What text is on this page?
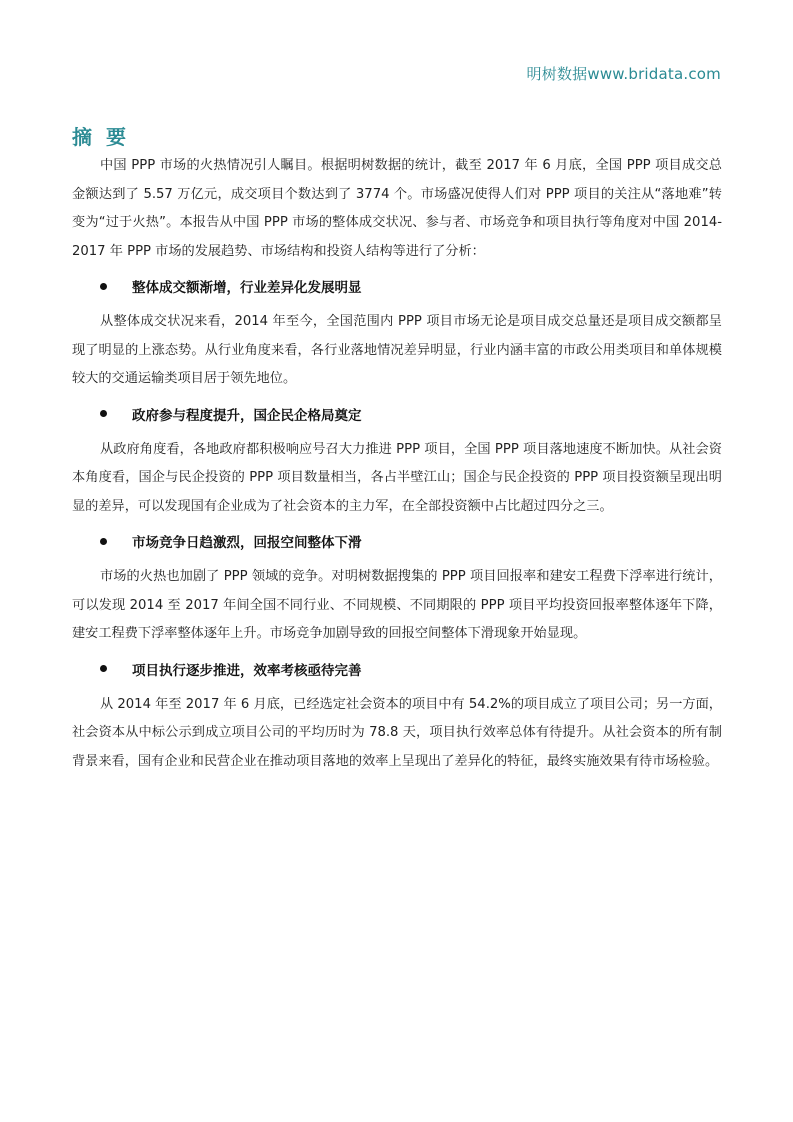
明树数据www.bridata.com
摘要

中国 PPP 市场的火热情况引人瞩目。根据明树数据的统计，截至 2017 年 6 月底，全国 PPP 项目成交总金额达到了 5.57 万亿元，成交项目个数达到了 3774 个。市场盛况使得人们对 PPP 项目的关注从“落地难”转变为“过于火热”。本报告从中国 PPP 市场的整体成交状况、参与者、市场竞争和项目执行等角度对中国 2014-2017 年 PPP 市场的发展趋势、市场结构和投资人结构等进行了分析：

整体成交额渐增，行业差异化发展明显

从整体成交状况来看，2014 年至今，全国范围内 PPP 项目市场无论是项目成交总量还是项目成交额都呈现了明显的上涨态势。从行业角度来看，各行业落地情况差异明显，行业内涵丰富的市政公用类项目和单体规模较大的交通运输类项目居于领先地位。

政府参与程度提升，国企民企格局奠定

从政府角度看，各地政府都积极响应号召大力推进 PPP 项目，全国 PPP 项目落地速度不断加快。从社会资本角度看，国企与民企投资的 PPP 项目数量相当，各占半壁江山；国企与民企投资的 PPP 项目投资额呈现出明显的差异，可以发现国有企业成为了社会资本的主力军，在全部投资额中占比超过四分之三。

市场竞争日趋激烈，回报空间整体下滑

市场的火热也加剧了 PPP 领域的竞争。对明树数据搜集的 PPP 项目回报率和建安工程费下浮率进行统计，可以发现 2014 至 2017 年间全国不同行业、不同规模、不同期限的 PPP 项目平均投资回报率整体逐年下降，建安工程费下浮率整体逐年上升。市场竞争加剧导致的回报空间整体下滑现象开始显现。

项目执行逐步推进，效率考核亟待完善

从 2014 年至 2017 年 6 月底，已经选定社会资本的项目中有 54.2%的项目成立了项目公司；另一方面，社会资本从中标公示到成立项目公司的平均历时为 78.8 天，项目执行效率总体有待提升。从社会资本的所有制背景来看，国有企业和民营企业在推动项目落地的效率上呈现出了差异化的特征，最终实施效果有待市场检验。
